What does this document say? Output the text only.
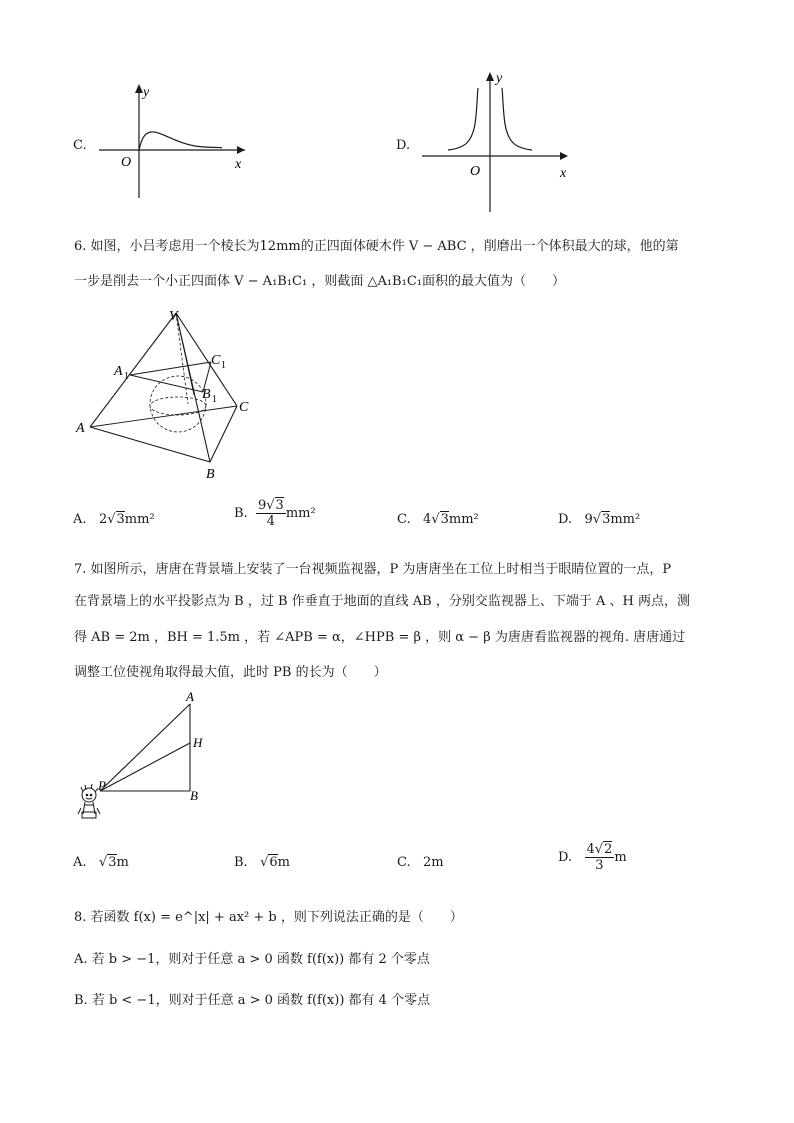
C.
y
x
O
D.
y
x
O
6. 如图，小吕考虑用一个棱长为12mm的正四面体硬木件 V − ABC ，削磨出一个体积最大的球，他的第
一步是削去一个小正四面体 V − A₁B₁C₁ ，则截面 △A₁B₁C₁面积的最大值为（　　）
V
A
B
C
A 1
B 1
C 1
A. 2√3mm²	B. $\frac{9√3}{4} mm^2$	C. 4√3mm²	D. 9√3mm²
7. 如图所示，唐唐在背景墙上安装了一台视频监视器，P 为唐唐坐在工位上时相当于眼睛位置的一点，P
在背景墙上的水平投影点为 B ，过 B 作垂直于地面的直线 AB ，分别交监视器上、下端于 A 、H 两点，测
得 AB = 2m ，BH = 1.5m ，若 ∠APB = α，∠HPB = β ，则 α − β 为唐唐看监视器的视角. 唐唐通过
调整工位使视角取得最大值，此时 PB 的长为（　　）
A
H
P
B
A.   √3m	B.   √6m	C. 2m	D. $\frac{4√2}{3}$ m
8. 若函数 f(x) = e^|x| + ax² + b ，则下列说法正确的是（　　）
A. 若 b > −1，则对于任意 a > 0 函数 f(f(x)) 都有 2 个零点
B. 若 b < −1，则对于任意 a > 0 函数 f(f(x)) 都有 4 个零点
